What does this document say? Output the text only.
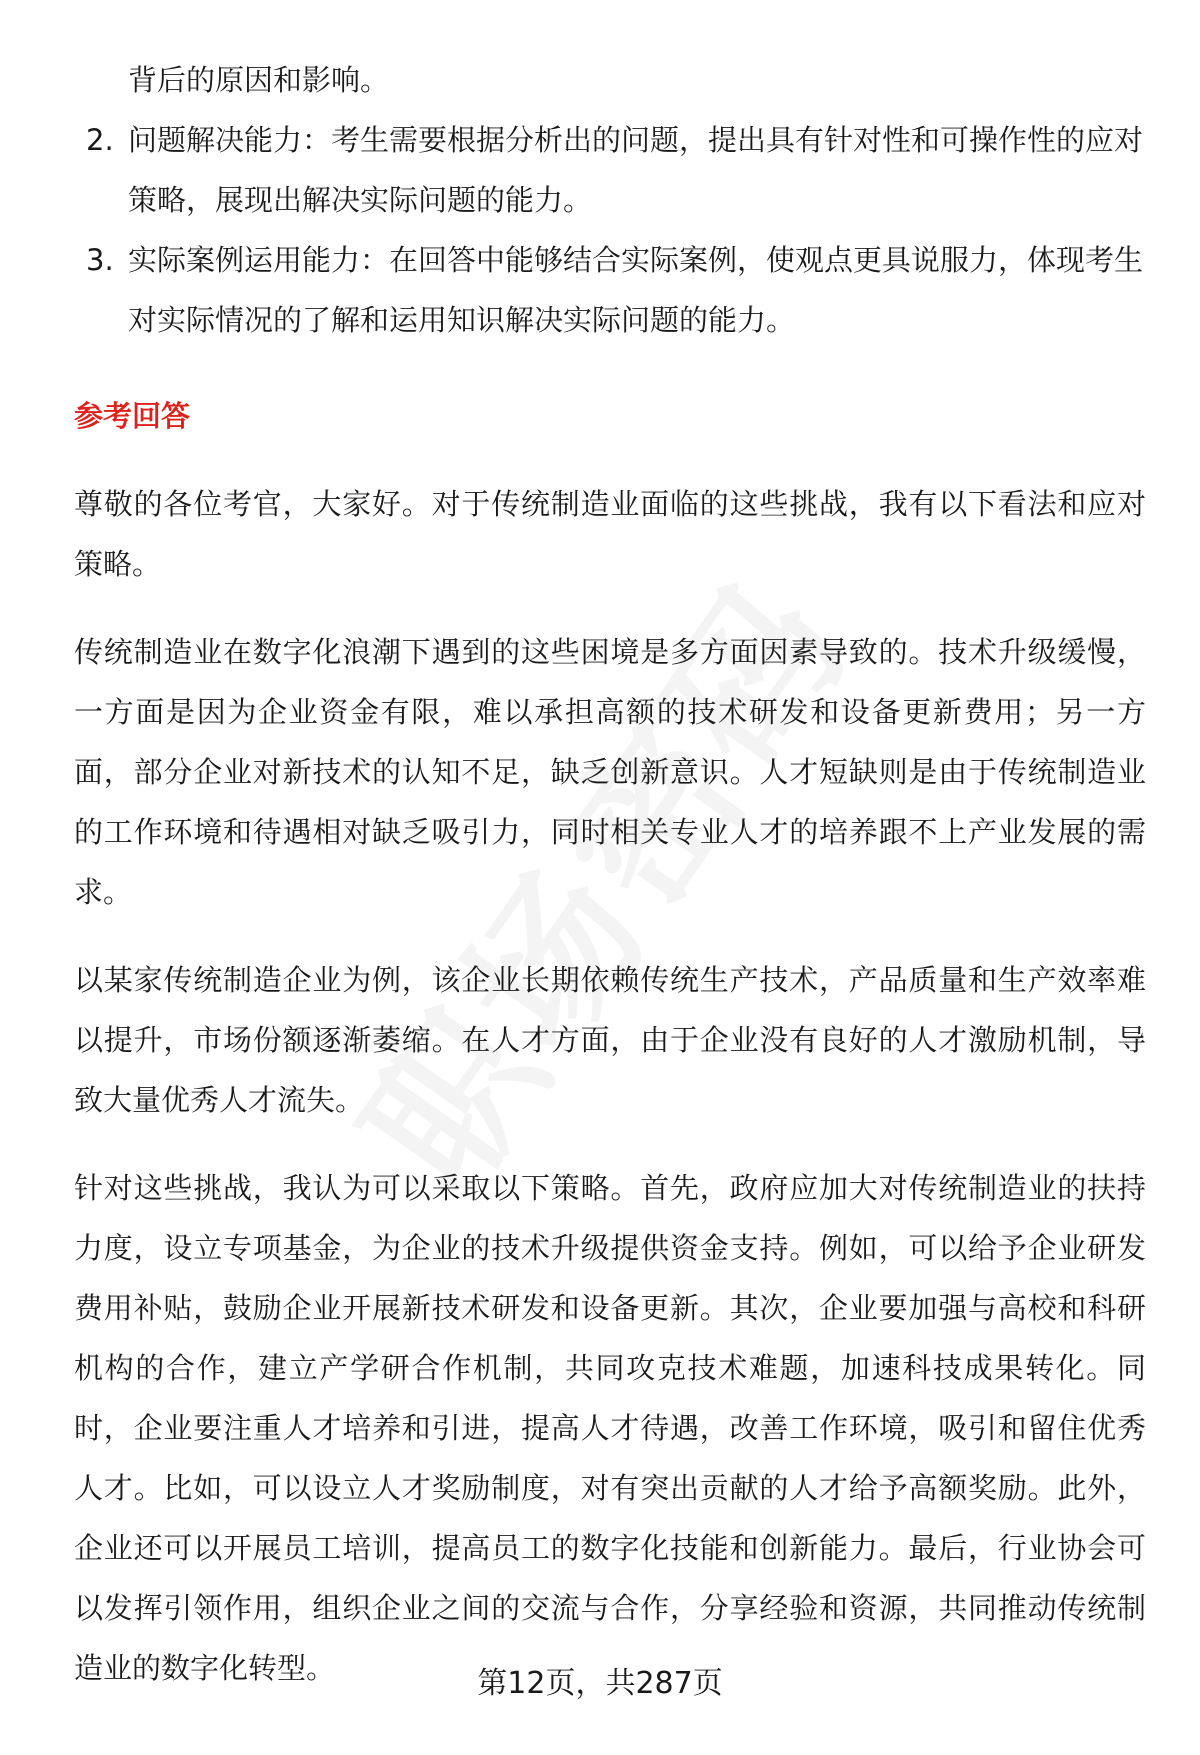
背后的原因和影响。

2. 问题解决能力：考生需要根据分析出的问题，提出具有针对性和可操作性的应对策略，展现出解决实际问题的能力。
3. 实际案例运用能力：在回答中能够结合实际案例，使观点更具说服力，体现考生对实际情况的了解和运用知识解决实际问题的能力。
参考回答

尊敬的各位考官，大家好。对于传统制造业面临的这些挑战，我有以下看法和应对策略。

传统制造业在数字化浪潮下遇到的这些困境是多方面因素导致的。技术升级缓慢，一方面是因为企业资金有限，难以承担高额的技术研发和设备更新费用；另一方面，部分企业对新技术的认知不足，缺乏创新意识。人才短缺则是由于传统制造业的工作环境和待遇相对缺乏吸引力，同时相关专业人才的培养跟不上产业发展的需求。

以某家传统制造企业为例，该企业长期依赖传统生产技术，产品质量和生产效率难以提升，市场份额逐渐萎缩。在人才方面，由于企业没有良好的人才激励机制，导致大量优秀人才流失。

针对这些挑战，我认为可以采取以下策略。首先，政府应加大对传统制造业的扶持力度，设立专项基金，为企业的技术升级提供资金支持。例如，可以给予企业研发费用补贴，鼓励企业开展新技术研发和设备更新。其次，企业要加强与高校和科研机构的合作，建立产学研合作机制，共同攻克技术难题，加速科技成果转化。同时，企业要注重人才培养和引进，提高人才待遇，改善工作环境，吸引和留住优秀人才。比如，可以设立人才奖励制度，对有突出贡献的人才给予高额奖励。此外，企业还可以开展员工培训，提高员工的数字化技能和创新能力。最后，行业协会可以发挥引领作用，组织企业之间的交流与合作，分享经验和资源，共同推动传统制造业的数字化转型。	第12页，共287页
